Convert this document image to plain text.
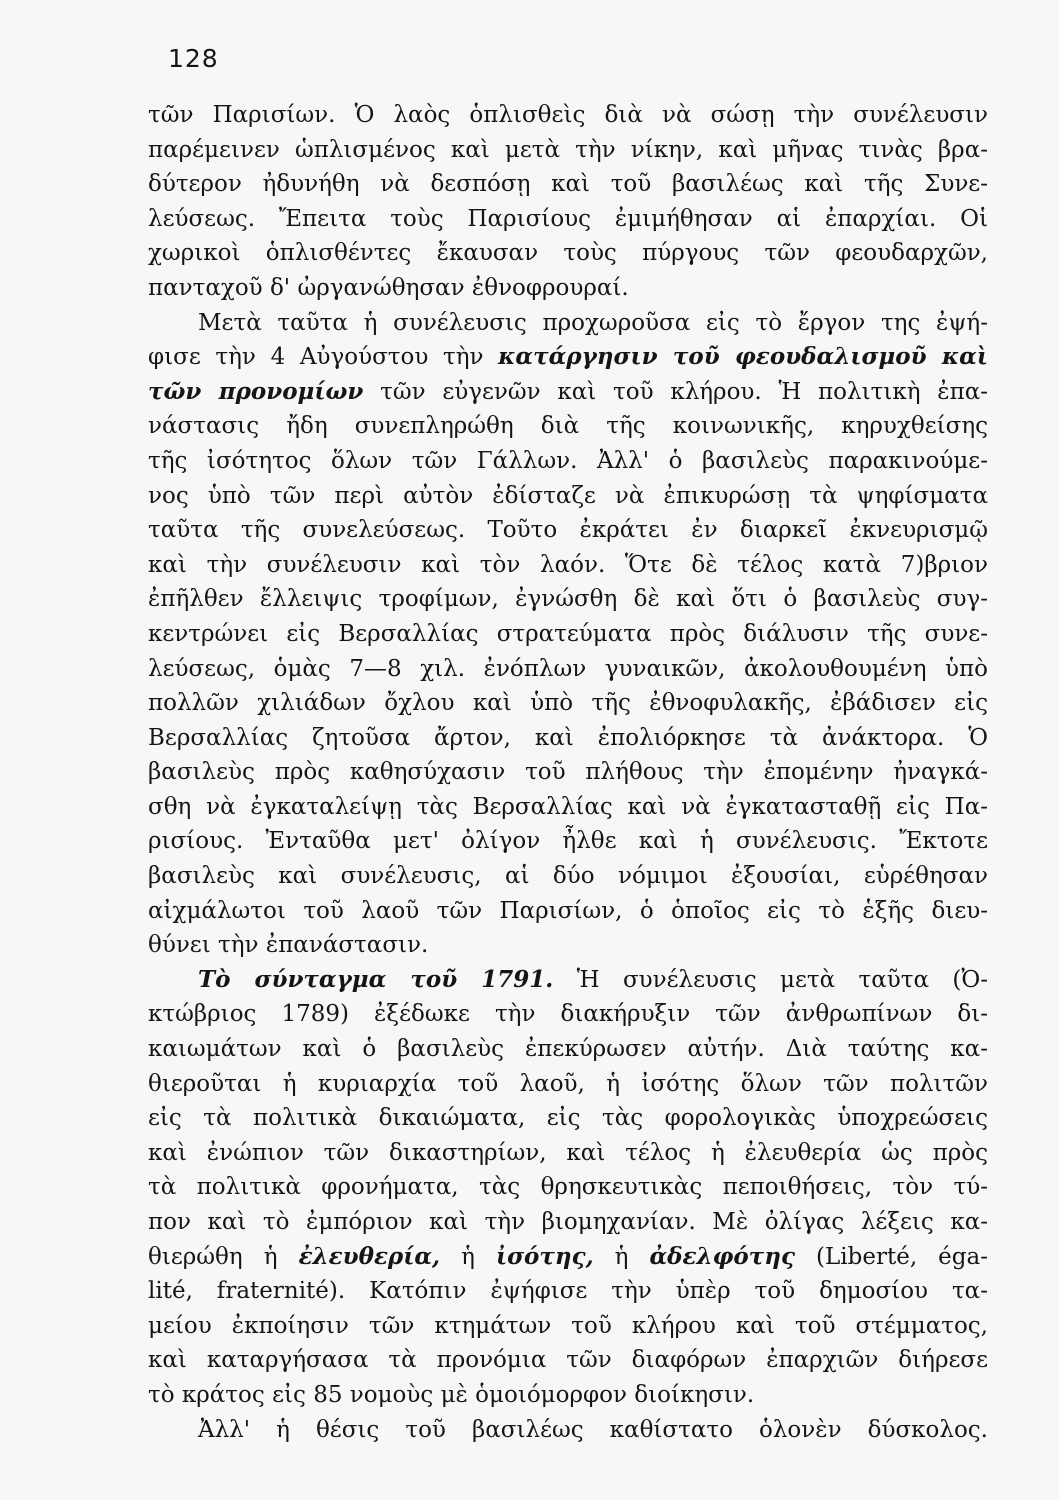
128
τῶν Παρισίων. Ὁ λαὸς ὁπλισθεὶς διὰ νὰ σώσῃ τὴν συνέλευσιν
παρέμεινεν ὡπλισμένος καὶ μετὰ τὴν νίκην, καὶ μῆνας τινὰς βρα-
δύτερον ἠδυνήθη νὰ δεσπόσῃ καὶ τοῦ βασιλέως καὶ τῆς Συνε-
λεύσεως. Ἔπειτα τοὺς Παρισίους ἐμιμήθησαν αἱ ἐπαρχίαι. Οἱ
χωρικοὶ ὁπλισθέντες ἔκαυσαν τοὺς πύργους τῶν φεουδαρχῶν,
πανταχοῦ δ' ὠργανώθησαν ἐθνοφρουραί.
Μετὰ ταῦτα ἡ συνέλευσις προχωροῦσα εἰς τὸ ἔργον της ἐψή-
φισε τὴν 4 Αὐγούστου τὴν κατάργησιν τοῦ φεουδαλισμοῦ καὶ
τῶν προνομίων τῶν εὐγενῶν καὶ τοῦ κλήρου. Ἡ πολιτικὴ ἐπα-
νάστασις ἤδη συνεπληρώθη διὰ τῆς κοινωνικῆς, κηρυχθείσης
τῆς ἰσότητος ὅλων τῶν Γάλλων. Ἀλλ' ὁ βασιλεὺς παρακινούμε-
νος ὑπὸ τῶν περὶ αὐτὸν ἐδίσταζε νὰ ἐπικυρώσῃ τὰ ψηφίσματα
ταῦτα τῆς συνελεύσεως. Τοῦτο ἐκράτει ἐν διαρκεῖ ἐκνευρισμῷ
καὶ τὴν συνέλευσιν καὶ τὸν λαόν. Ὅτε δὲ τέλος κατὰ 7)βριον
ἐπῆλθεν ἔλλειψις τροφίμων, ἐγνώσθη δὲ καὶ ὅτι ὁ βασιλεὺς συγ-
κεντρώνει εἰς Βερσαλλίας στρατεύματα πρὸς διάλυσιν τῆς συνε-
λεύσεως, ὁμὰς 7—8 χιλ. ἐνόπλων γυναικῶν, ἀκολουθουμένη ὑπὸ
πολλῶν χιλιάδων ὄχλου καὶ ὑπὸ τῆς ἐθνοφυλακῆς, ἐβάδισεν εἰς
Βερσαλλίας ζητοῦσα ἄρτον, καὶ ἐπολιόρκησε τὰ ἀνάκτορα. Ὁ
βασιλεὺς πρὸς καθησύχασιν τοῦ πλήθους τὴν ἐπομένην ἠναγκά-
σθη νὰ ἐγκαταλείψῃ τὰς Βερσαλλίας καὶ νὰ ἐγκατασταθῇ εἰς Πα-
ρισίους. Ἐνταῦθα μετ' ὀλίγον ἦλθε καὶ ἡ συνέλευσις. Ἔκτοτε
βασιλεὺς καὶ συνέλευσις, αἱ δύο νόμιμοι ἐξουσίαι, εὑρέθησαν
αἰχμάλωτοι τοῦ λαοῦ τῶν Παρισίων, ὁ ὁποῖος εἰς τὸ ἑξῆς διευ-
θύνει τὴν ἐπανάστασιν.
Τὸ σύνταγμα τοῦ 1791. Ἡ συνέλευσις μετὰ ταῦτα (Ὀ-
κτώβριος 1789) ἐξέδωκε τὴν διακήρυξιν τῶν ἀνθρωπίνων δι-
καιωμάτων καὶ ὁ βασιλεὺς ἐπεκύρωσεν αὐτήν. Διὰ ταύτης κα-
θιεροῦται ἡ κυριαρχία τοῦ λαοῦ, ἡ ἰσότης ὅλων τῶν πολιτῶν
εἰς τὰ πολιτικὰ δικαιώματα, εἰς τὰς φορολογικὰς ὑποχρεώσεις
καὶ ἐνώπιον τῶν δικαστηρίων, καὶ τέλος ἡ ἐλευθερία ὡς πρὸς
τὰ πολιτικὰ φρονήματα, τὰς θρησκευτικὰς πεποιθήσεις, τὸν τύ-
πον καὶ τὸ ἐμπόριον καὶ τὴν βιομηχανίαν. Μὲ ὀλίγας λέξεις κα-
θιερώθη ἡ ἐλευθερία, ἡ ἰσότης, ἡ ἀδελφότης (Liberté, éga-
lité, fraternité). Κατόπιν ἐψήφισε τὴν ὑπὲρ τοῦ δημοσίου τα-
μείου ἐκποίησιν τῶν κτημάτων τοῦ κλήρου καὶ τοῦ στέμματος,
καὶ καταργήσασα τὰ προνόμια τῶν διαφόρων ἐπαρχιῶν διήρεσε
τὸ κράτος εἰς 85 νομοὺς μὲ ὁμοιόμορφον διοίκησιν.
Ἀλλ' ἡ θέσις τοῦ βασιλέως καθίστατο ὁλονὲν δύσκολος.
